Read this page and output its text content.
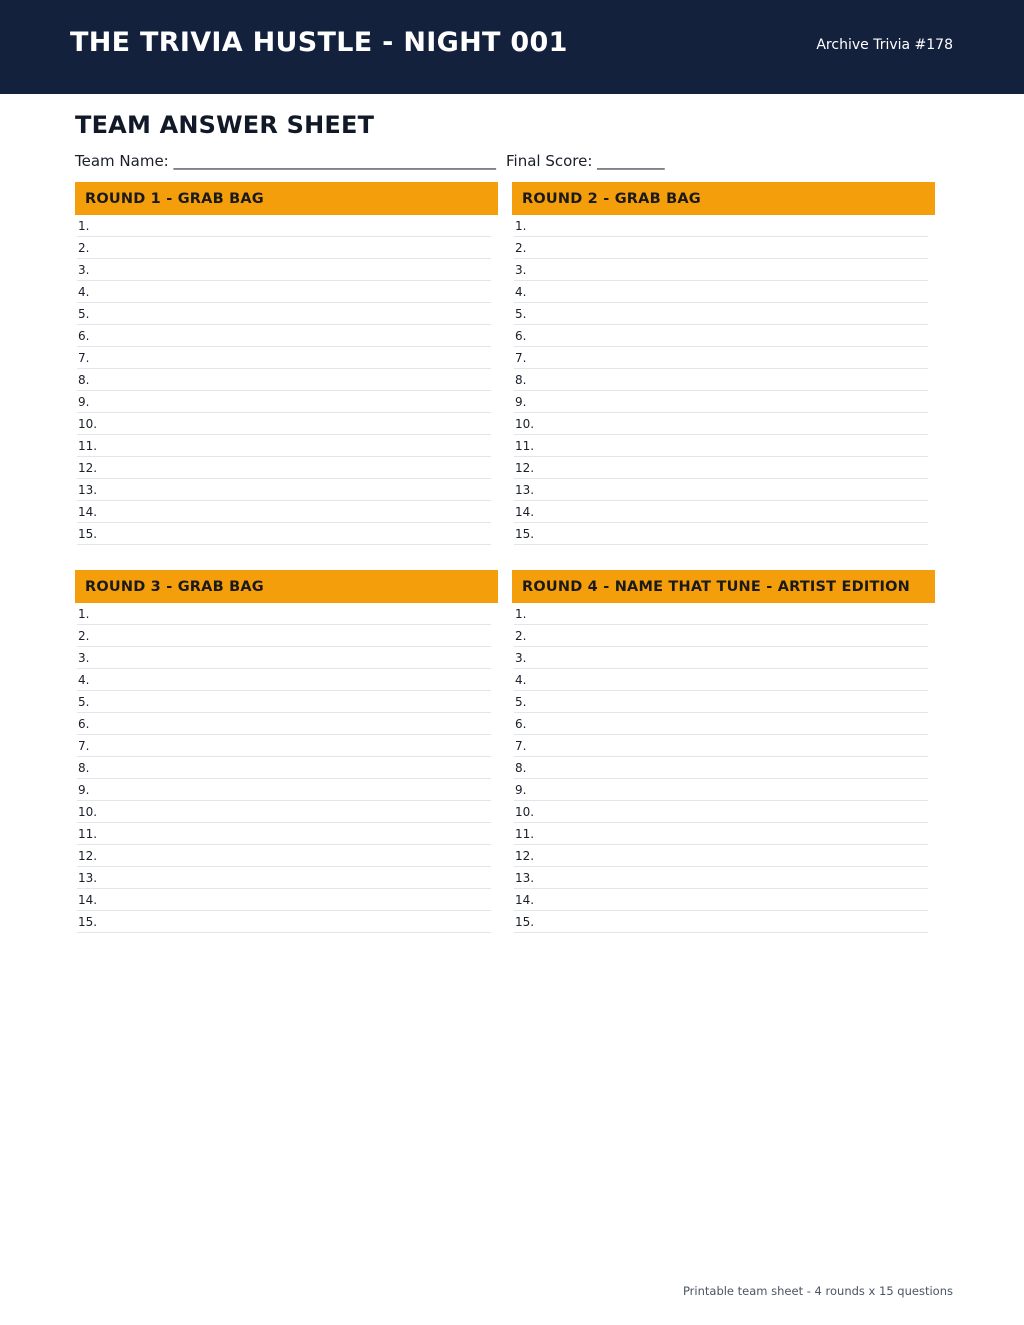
THE TRIVIA HUSTLE - NIGHT 001	Archive Trivia #178
TEAM ANSWER SHEET
Team Name: ___________________________________________ Final Score: _________
ROUND 1 - GRAB BAG
1.
2.
3.
4.
5.
6.
7.
8.
9.
10.
11.
12.
13.
14.
15.
ROUND 2 - GRAB BAG
1.
2.
3.
4.
5.
6.
7.
8.
9.
10.
11.
12.
13.
14.
15.
ROUND 3 - GRAB BAG
1.
2.
3.
4.
5.
6.
7.
8.
9.
10.
11.
12.
13.
14.
15.
ROUND 4 - NAME THAT TUNE - ARTIST EDITION
1.
2.
3.
4.
5.
6.
7.
8.
9.
10.
11.
12.
13.
14.
15.
Printable team sheet - 4 rounds x 15 questions
